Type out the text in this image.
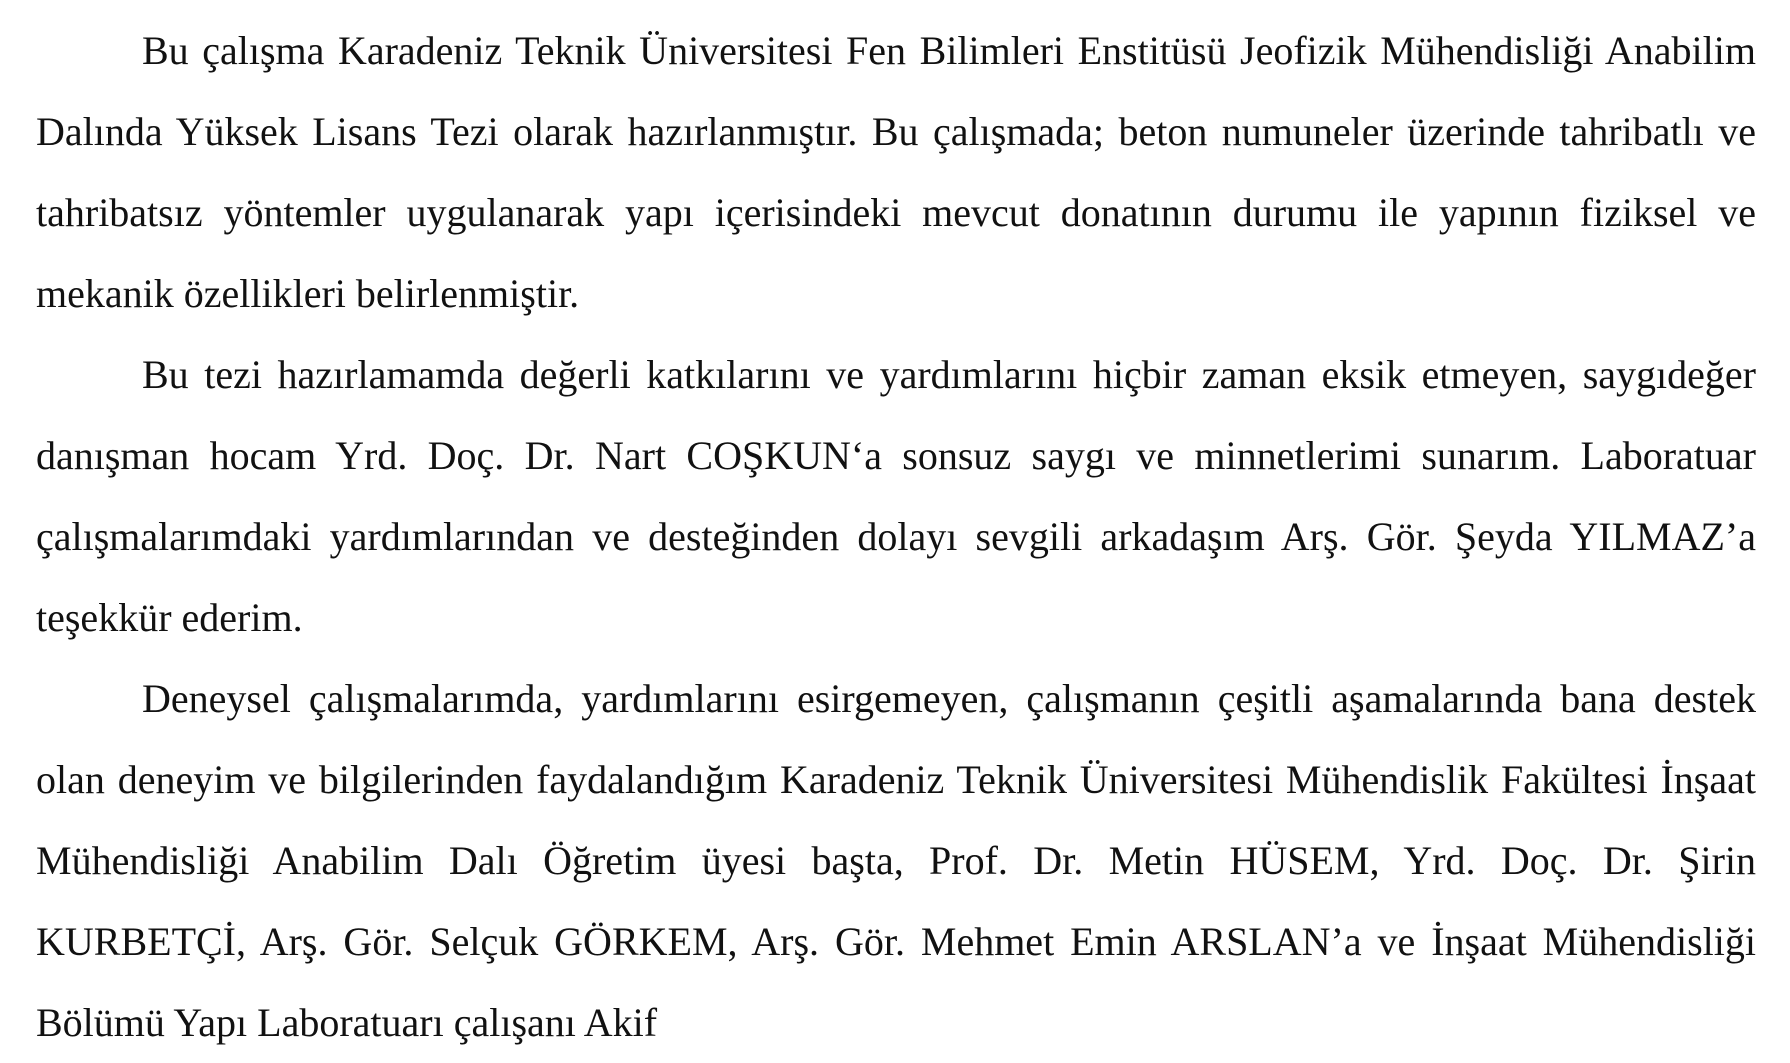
Bu çalışma Karadeniz Teknik Üniversitesi Fen Bilimleri Enstitüsü Jeofizik Mühendisliği Anabilim Dalında Yüksek Lisans Tezi olarak hazırlanmıştır. Bu çalışmada; beton numuneler üzerinde tahribatlı ve tahribatsız yöntemler uygulanarak yapı içerisindeki mevcut donatının durumu ile yapının fiziksel ve mekanik özellikleri belirlenmiştir.

Bu tezi hazırlamamda değerli katkılarını ve yardımlarını hiçbir zaman eksik etmeyen, saygıdeğer danışman hocam Yrd. Doç. Dr. Nart COŞKUN‘a sonsuz saygı ve minnetlerimi sunarım. Laboratuar çalışmalarımdaki yardımlarından ve desteğinden dolayı sevgili arkadaşım Arş. Gör. Şeyda YILMAZ’a teşekkür ederim.

Deneysel çalışmalarımda, yardımlarını esirgemeyen, çalışmanın çeşitli aşamalarında bana destek olan deneyim ve bilgilerinden faydalandığım Karadeniz Teknik Üniversitesi Mühendislik Fakültesi İnşaat Mühendisliği Anabilim Dalı Öğretim üyesi başta, Prof. Dr. Metin HÜSEM, Yrd. Doç. Dr. Şirin KURBETÇİ, Arş. Gör. Selçuk GÖRKEM, Arş. Gör. Mehmet Emin ARSLAN’a ve İnşaat Mühendisliği Bölümü Yapı Laboratuarı çalışanı Akif
